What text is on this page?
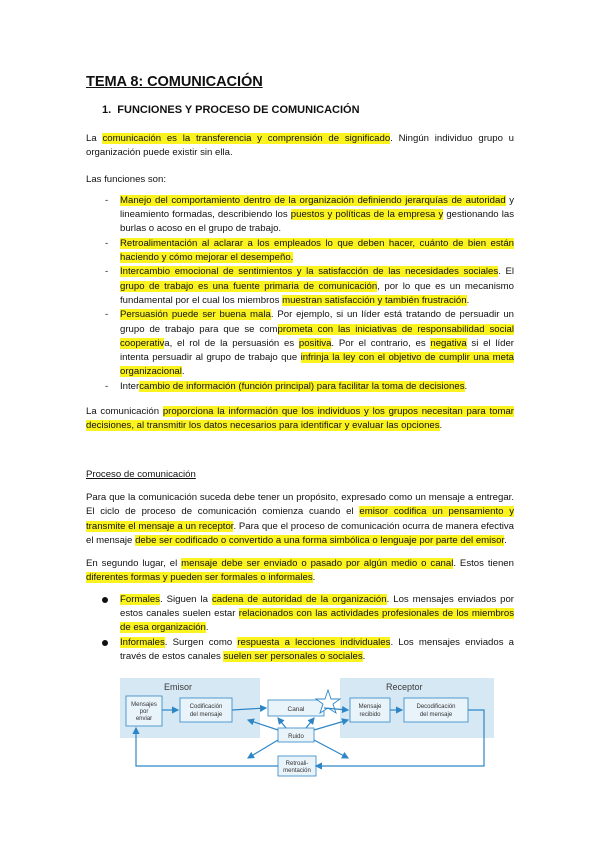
TEMA 8: COMUNICACIÓN
1.  FUNCIONES Y PROCESO DE COMUNICACIÓN

La comunicación es la transferencia y comprensión de significado. Ningún individuo grupo u organización puede existir sin ella.

Las funciones son:

- Manejo del comportamiento dentro de la organización definiendo jerarquías de autoridad y lineamiento formadas, describiendo los puestos y políticas de la empresa y gestionando las burlas o acoso en el grupo de trabajo.
- Retroalimentación al aclarar a los empleados lo que deben hacer, cuánto de bien están haciendo y cómo mejorar el desempeño.
- Intercambio emocional de sentimientos y la satisfacción de las necesidades sociales. El grupo de trabajo es una fuente primaria de comunicación, por lo que es un mecanismo fundamental por el cual los miembros muestran satisfacción y también frustración.
- Persuasión puede ser buena mala. Por ejemplo, si un líder está tratando de persuadir un grupo de trabajo para que se comprometa con las iniciativas de responsabilidad social cooperativa, el rol de la persuasión es positiva. Por el contrario, es negativa si el líder intenta persuadir al grupo de trabajo que infrinja la ley con el objetivo de cumplir una meta organizacional.
- Intercambio de información (función principal) para facilitar la toma de decisiones.

La comunicación proporciona la información que los individuos y los grupos necesitan para tomar decisiones, al transmitir los datos necesarios para identificar y evaluar las opciones.

Proceso de comunicación

Para que la comunicación suceda debe tener un propósito, expresado como un mensaje a entregar. El ciclo de proceso de comunicación comienza cuando el emisor codifica un pensamiento y transmite el mensaje a un receptor. Para que el proceso de comunicación ocurra de manera efectiva el mensaje debe ser codificado o convertido a una forma simbólica o lenguaje por parte del emisor.

En segundo lugar, el mensaje debe ser enviado o pasado por algún medio o canal. Estos tienen diferentes formas y pueden ser formales o informales.

Formales. Siguen la cadena de autoridad de la organización. Los mensajes enviados por estos canales suelen estar relacionados con las actividades profesionales de los miembros de esa organización.
Informales. Surgen como respuesta a lecciones individuales. Los mensajes enviados a través de estos canales suelen ser personales o sociales.
Emisor	Receptor
Mensajes
por
enviar
Codificación
del mensaje
Canal
Ruido
Retroali-
mentación
Mensaje
recibido
Decodificación
del mensaje
